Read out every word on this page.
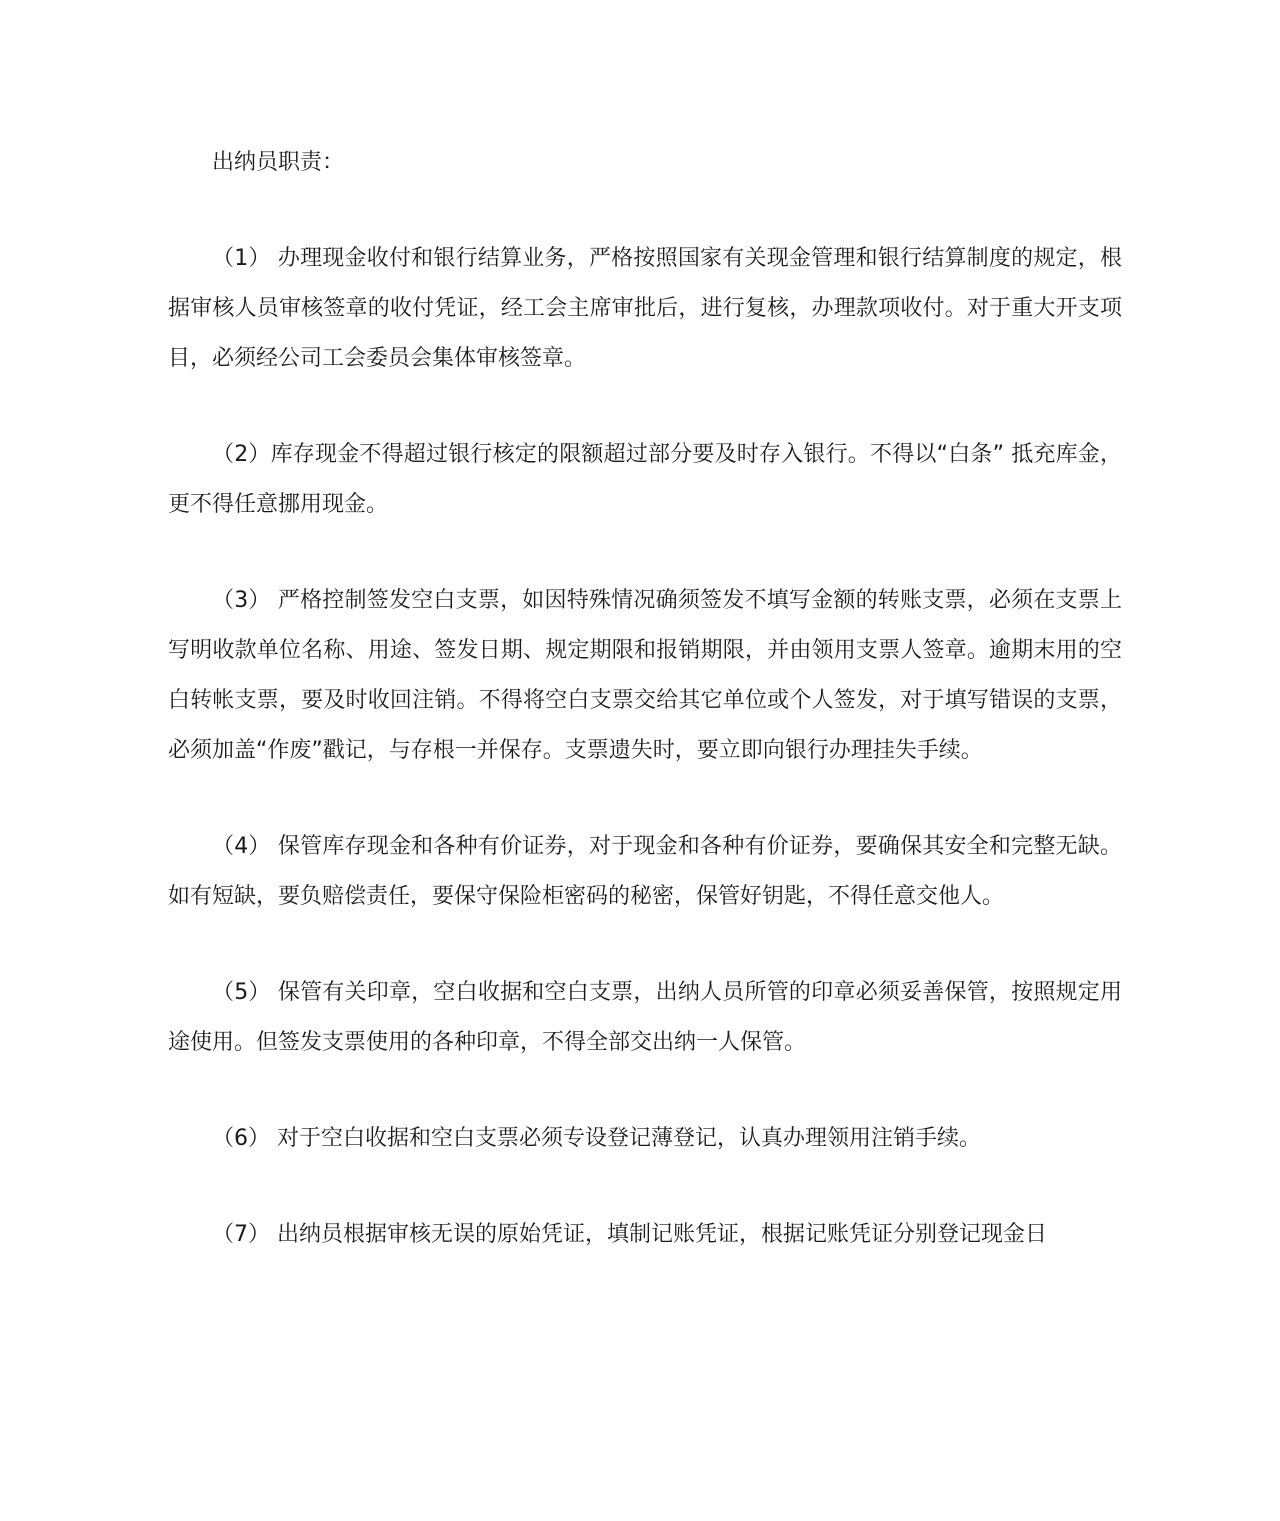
出纳员职责：

（1） 办理现金收付和银行结算业务，严格按照国家有关现金管理和银行结算制度的规定，根据审核人员审核签章的收付凭证，经工会主席审批后，进行复核，办理款项收付。对于重大开支项目，必须经公司工会委员会集体审核签章。

（2）库存现金不得超过银行核定的限额超过部分要及时存入银行。不得以“白条” 抵充库金，更不得任意挪用现金。

（3） 严格控制签发空白支票，如因特殊情况确须签发不填写金额的转账支票，必须在支票上写明收款单位名称、用途、签发日期、规定期限和报销期限，并由领用支票人签章。逾期末用的空白转帐支票，要及时收回注销。不得将空白支票交给其它单位或个人签发，对于填写错误的支票，必须加盖“作废”戳记，与存根一并保存。支票遗失时，要立即向银行办理挂失手续。

（4） 保管库存现金和各种有价证券，对于现金和各种有价证券，要确保其安全和完整无缺。如有短缺，要负赔偿责任，要保守保险柜密码的秘密，保管好钥匙，不得任意交他人。

（5） 保管有关印章，空白收据和空白支票，出纳人员所管的印章必须妥善保管，按照规定用途使用。但签发支票使用的各种印章，不得全部交出纳一人保管。

（6） 对于空白收据和空白支票必须专设登记薄登记，认真办理领用注销手续。

（7） 出纳员根据审核无误的原始凭证，填制记账凭证，根据记账凭证分别登记现金日
